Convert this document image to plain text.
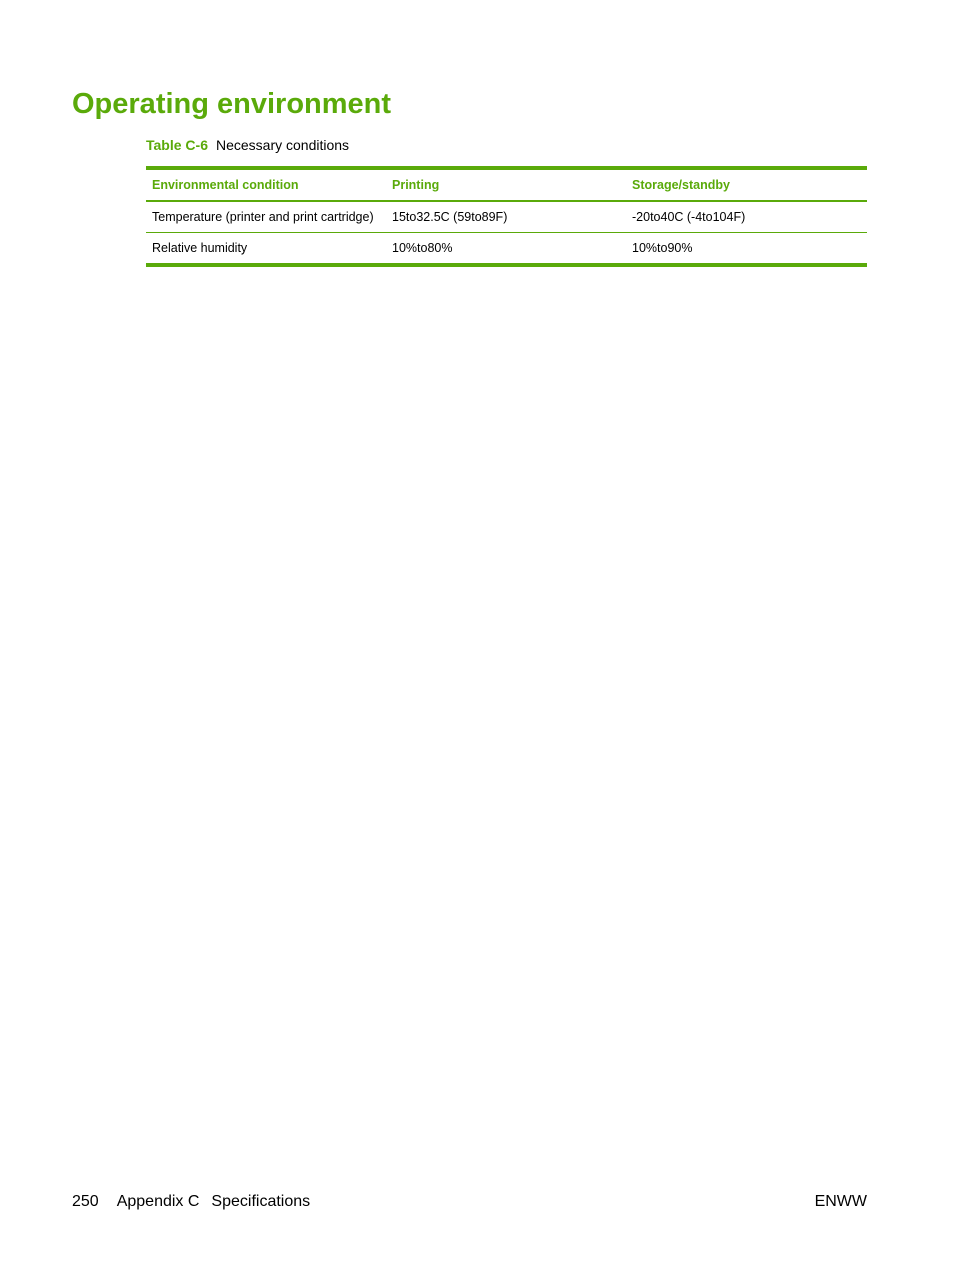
Operating environment
Table C-6 Necessary conditions
Environmental condition	Printing	Storage/standby
Temperature (printer and print cartridge)	15to32.5C (59to89F)	-20to40C (-4to104F)
Relative humidity	10%to80%	10%to90%
250 Appendix C Specifications	ENWW
